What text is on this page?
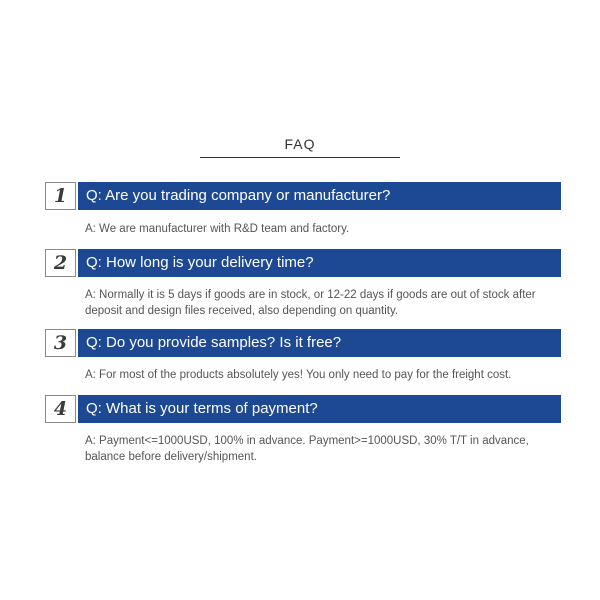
FAQ
1	Q: Are you trading company or manufacturer?
A: We are manufacturer with R&D team and factory.
2	Q: How long is your delivery time?
A: Normally it is 5 days if goods are in stock, or 12-22 days if goods are out of stock after deposit and design files received, also depending on quantity.
3	Q: Do you provide samples? Is it free?
A: For most of the products absolutely yes! You only need to pay for the freight cost.
4	Q: What is your terms of payment?
A: Payment<=1000USD, 100% in advance. Payment>=1000USD, 30% T/T in advance, balance before delivery/shipment.
